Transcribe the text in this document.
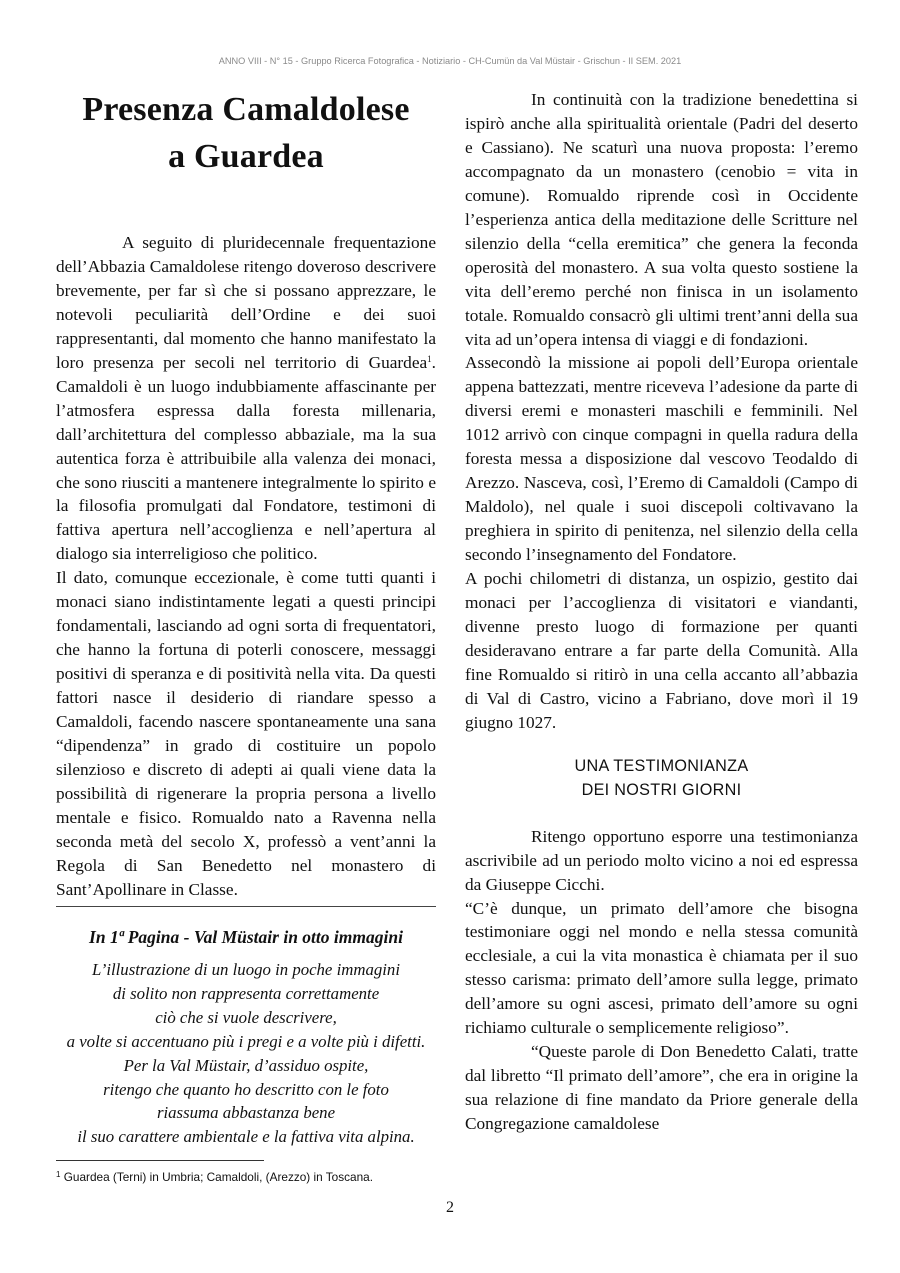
ANNO VIII - N° 15 - Gruppo Ricerca Fotografica - Notiziario - CH-Cumün da Val Müstair - Grischun - II SEM. 2021
Presenza Camaldolese
a Guardea

A seguito di pluridecennale frequentazione dell’Abbazia Camaldolese ritengo doveroso descrivere brevemente, per far sì che si possano apprezzare, le notevoli peculiarità dell’Ordine e dei suoi rappresentanti, dal momento che hanno manifestato la loro presenza per secoli nel territorio di Guardea$^1$. Camaldoli è un luogo indubbiamente affascinante per l’atmosfera espressa dalla foresta millenaria, dall’architettura del complesso abbaziale, ma la sua autentica forza è attribuibile alla valenza dei monaci, che sono riusciti a mantenere integralmente lo spirito e la filosofia promulgati dal Fondatore, testimoni di fattiva apertura nell’accoglienza e nell’apertura al dialogo sia interreligioso che politico.

Il dato, comunque eccezionale, è come tutti quanti i monaci siano indistintamente legati a questi principi fondamentali, lasciando ad ogni sorta di frequentatori, che hanno la fortuna di poterli conoscere, messaggi positivi di speranza e di positività nella vita. Da questi fattori nasce il desiderio di riandare spesso a Camaldoli, facendo nascere spontaneamente una sana “dipendenza” in grado di costituire un popolo silenzioso e discreto di adepti ai quali viene data la possibilità di rigenerare la propria persona a livello mentale e fisico. Romualdo nato a Ravenna nella seconda metà del secolo X, professò a vent’anni la Regola di San Benedetto nel monastero di Sant’Apollinare in Classe.

In 1ª Pagina - Val Müstair in otto immagini
L’illustrazione di un luogo in poche immagini
di solito non rappresenta correttamente
ciò che si vuole descrivere,
a volte si accentuano più i pregi e a volte più i difetti.
Per la Val Müstair, d’assiduo ospite,
ritengo che quanto ho descritto con le foto
riassuma abbastanza bene
il suo carattere ambientale e la fattiva vita alpina.
$^1$ Guardea (Terni) in Umbria; Camaldoli, (Arezzo) in Toscana.

In continuità con la tradizione benedettina si ispirò anche alla spiritualità orientale (Padri del deserto e Cassiano). Ne scaturì una nuova proposta: l’eremo accompagnato da un monastero (cenobio = vita in comune). Romualdo riprende così in Occidente l’esperienza antica della meditazione delle Scritture nel silenzio della “cella eremitica” che genera la feconda operosità del monastero. A sua volta questo sostiene la vita dell’eremo perché non finisca in un isolamento totale. Romualdo consacrò gli ultimi trent’anni della sua vita ad un’opera intensa di viaggi e di fondazioni.

Assecondò la missione ai popoli dell’Europa orientale appena battezzati, mentre riceveva l’adesione da parte di diversi eremi e monasteri maschili e femminili. Nel 1012 arrivò con cinque compagni in quella radura della foresta messa a disposizione dal vescovo Teodaldo di Arezzo. Nasceva, così, l’Eremo di Camaldoli (Campo di Maldolo), nel quale i suoi discepoli coltivavano la preghiera in spirito di penitenza, nel silenzio della cella secondo l’insegnamento del Fondatore.

A pochi chilometri di distanza, un ospizio, gestito dai monaci per l’accoglienza di visitatori e viandanti, divenne presto luogo di formazione per quanti desideravano entrare a far parte della Comunità. Alla fine Romualdo si ritirò in una cella accanto all’abbazia di Val di Castro, vicino a Fabriano, dove morì il 19 giugno 1027.

UNA TESTIMONIANZA
DEI NOSTRI GIORNI

Ritengo opportuno esporre una testimonianza ascrivibile ad un periodo molto vicino a noi ed espressa da Giuseppe Cicchi.

“C’è dunque, un primato dell’amore che bisogna testimoniare oggi nel mondo e nella stessa comunità ecclesiale, a cui la vita monastica è chiamata per il suo stesso carisma: primato dell’amore sulla legge, primato dell’amore su ogni ascesi, primato dell’amore su ogni richiamo culturale o semplicemente religioso”.

“Queste parole di Don Benedetto Calati, tratte dal libretto “Il primato dell’amore”, che era in origine la sua relazione di fine mandato da Priore generale della Congregazione camaldolese

2
